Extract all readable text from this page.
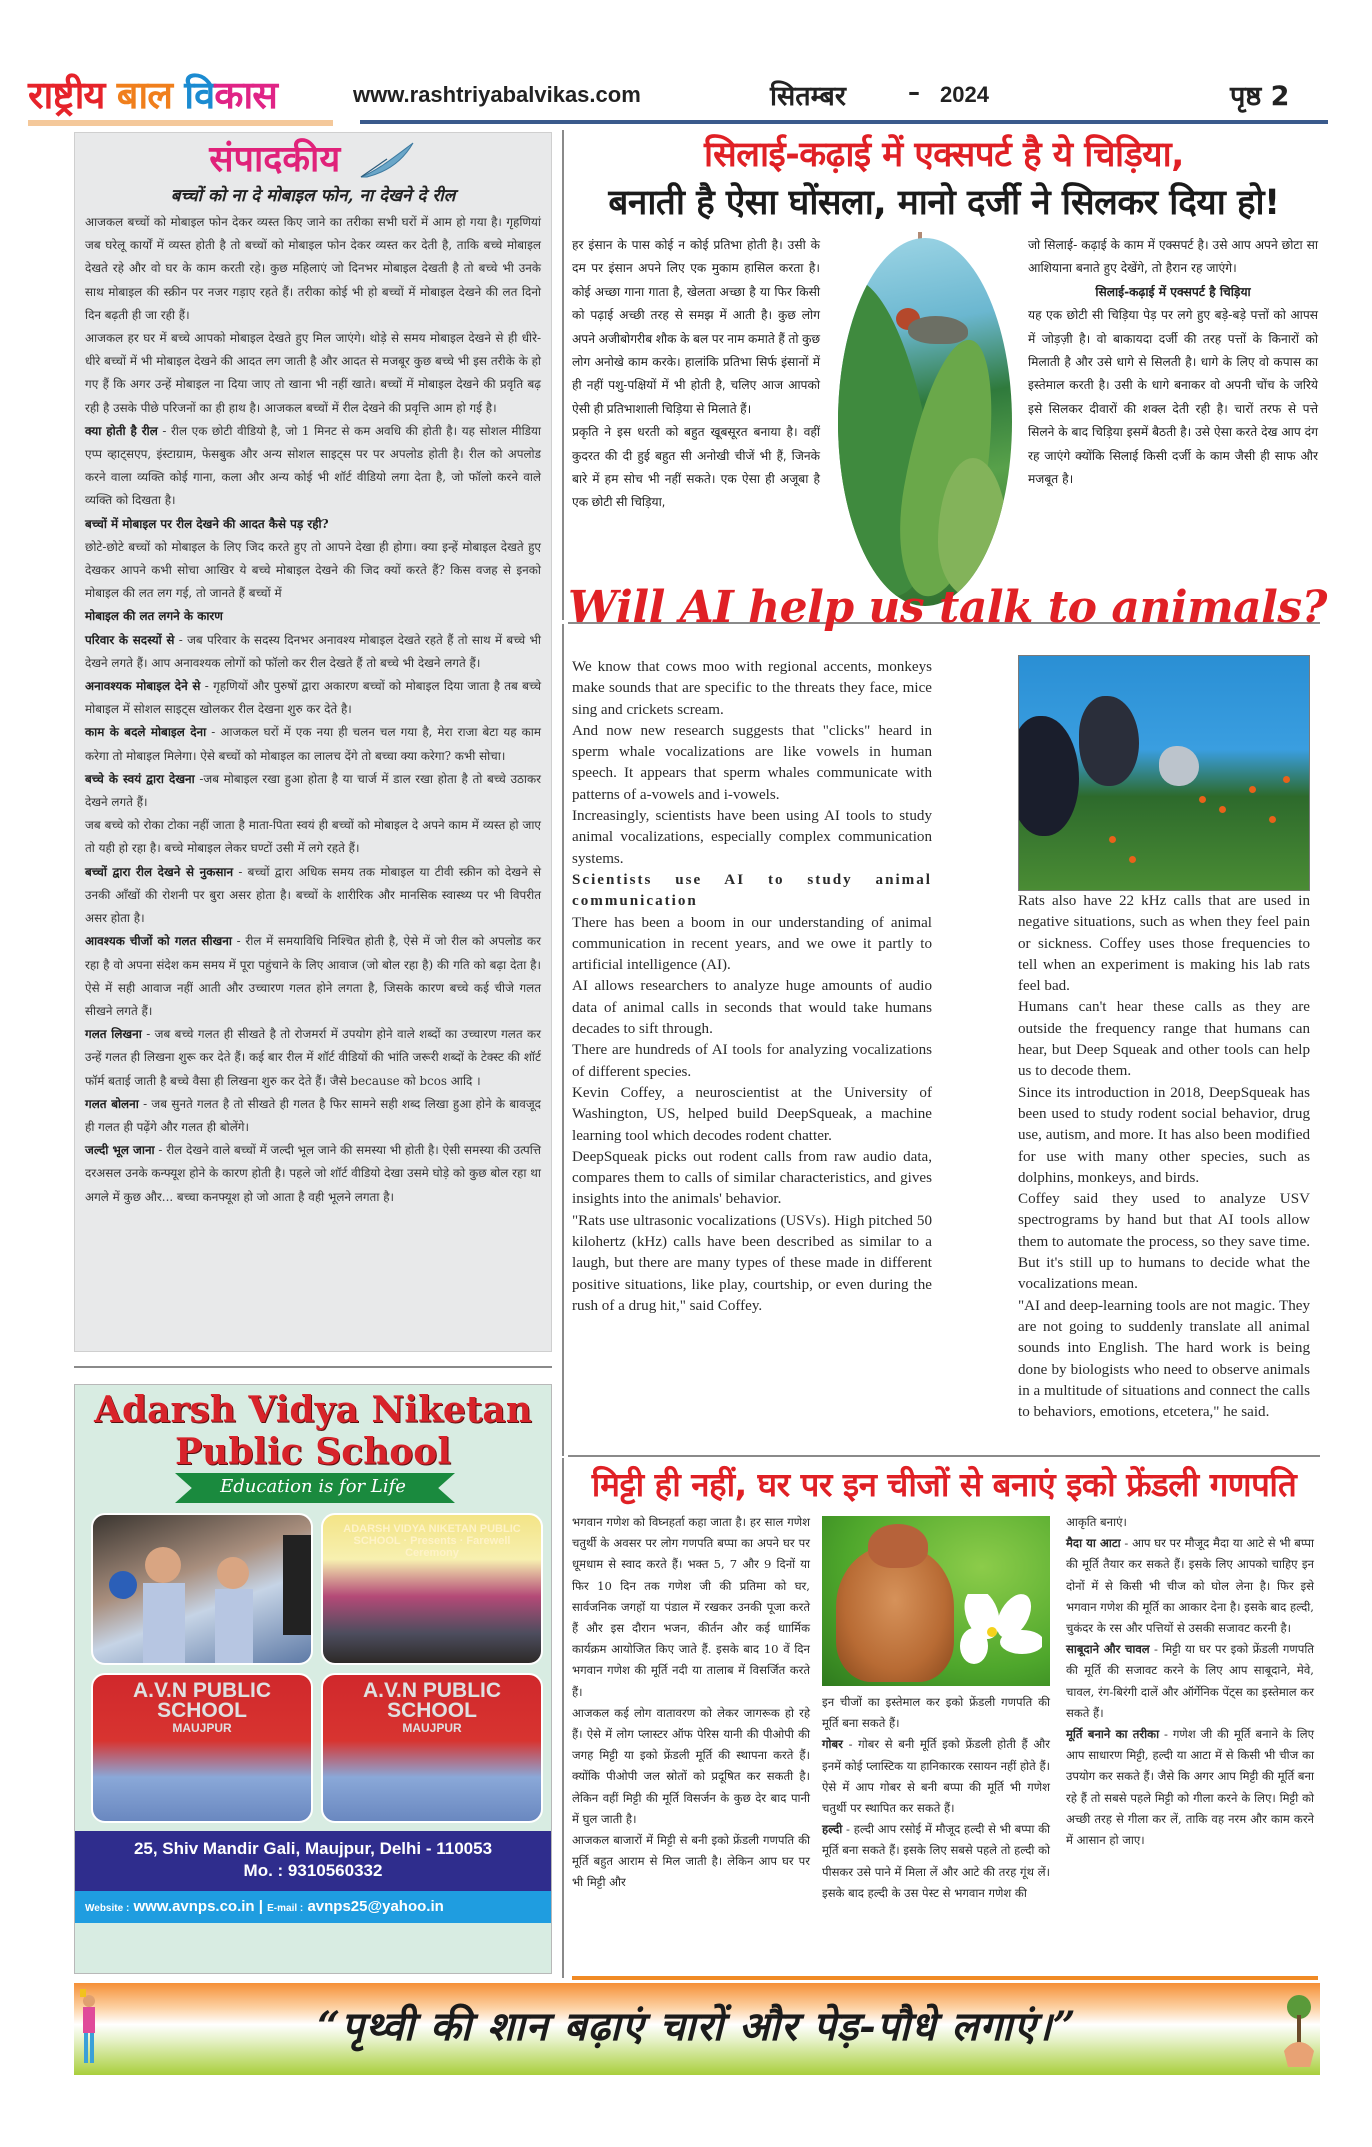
राष्ट्रीय बाल विकास	www.rashtriyabalvikas.com	सितम्बर	– 2024	पृष्ठ 2
संपादकीय
बच्चों को ना दे मोबाइल फोन, ना देखने दे रील

आजकल बच्चों को मोबाइल फोन देकर व्यस्त किए जाने का तरीका सभी घरों में आम हो गया है। गृहणियां जब घरेलू कार्यों में व्यस्त होती है तो बच्चों को मोबाइल फोन देकर व्यस्त कर देती है, ताकि बच्चे मोबाइल देखते रहे और वो घर के काम करती रहे। कुछ महिलाएं जो दिनभर मोबाइल देखती है तो बच्चे भी उनके साथ मोबाइल की स्क्रीन पर नजर गड़ाए रहते हैं। तरीका कोई भी हो बच्चों में मोबाइल देखने की लत दिनो दिन बढ़ती ही जा रही हैं।

आजकल हर घर में बच्चे आपको मोबाइल देखते हुए मिल जाएंगे। थोड़े से समय मोबाइल देखने से ही धीरे-धीरे बच्चों में भी मोबाइल देखने की आदत लग जाती है और आदत से मजबूर कुछ बच्चे भी इस तरीके के हो गए हैं कि अगर उन्हें मोबाइल ना दिया जाए तो खाना भी नहीं खाते। बच्चों में मोबाइल देखने की प्रवृति बढ़ रही है उसके पीछे परिजनों का ही हाथ है। आजकल बच्चों में रील देखने की प्रवृत्ति आम हो गई है।

क्या होती है रील - रील एक छोटी वीडियो है, जो 1 मिनट से कम अवधि की होती है। यह सोशल मीडिया एप्प व्हाट्सएप, इंस्टाग्राम, फेसबुक और अन्य सोशल साइट्स पर पर अपलोड होती है। रील को अपलोड करने वाला व्यक्ति कोई गाना, कला और अन्य कोई भी शॉर्ट वीडियो लगा देता है, जो फॉलो करने वाले व्यक्ति को दिखता है।

बच्चों में मोबाइल पर रील देखने की आदत कैसे पड़ रही?

छोटे-छोटे बच्चों को मोबाइल के लिए जिद करते हुए तो आपने देखा ही होगा। क्या इन्हें मोबाइल देखते हुए देखकर आपने कभी सोचा आखिर ये बच्चे मोबाइल देखने की जिद क्यों करते हैं? किस वजह से इनको मोबाइल की लत लग गई, तो जानते हैं बच्चों में

मोबाइल की लत लगने के कारण

परिवार के सदस्यों से - जब परिवार के सदस्य दिनभर अनावश्य मोबाइल देखते रहते हैं तो साथ में बच्चे भी देखने लगते हैं। आप अनावश्यक लोगों को फॉलो कर रील देखते हैं तो बच्चे भी देखने लगते हैं।

अनावश्यक मोबाइल देने से - गृहणियों और पुरुषों द्वारा अकारण बच्चों को मोबाइल दिया जाता है तब बच्चे मोबाइल में सोशल साइट्स खोलकर रील देखना शुरु कर देते है।

काम के बदले मोबाइल देना - आजकल घरों में एक नया ही चलन चल गया है, मेरा राजा बेटा यह काम करेगा तो मोबाइल मिलेगा। ऐसे बच्चों को मोबाइल का लालच देंगे तो बच्चा क्या करेगा? कभी सोचा।

बच्चे के स्वयं द्वारा देखना -जब मोबाइल रखा हुआ होता है या चार्ज में डाल रखा होता है तो बच्चे उठाकर देखने लगते हैं।

जब बच्चे को रोका टोका नहीं जाता है माता-पिता स्वयं ही बच्चों को मोबाइल दे अपने काम में व्यस्त हो जाए तो यही हो रहा है। बच्चे मोबाइल लेकर घण्टों उसी में लगे रहते हैं।

बच्चों द्वारा रील देखने से नुकसान - बच्चों द्वारा अधिक समय तक मोबाइल या टीवी स्क्रीन को देखने से उनकी आँखों की रोशनी पर बुरा असर होता है। बच्चों के शारीरिक और मानसिक स्वास्थ्य पर भी विपरीत असर होता है।

आवश्यक चीजों को गलत सीखना - रील में समयाविधि निश्चित होती है, ऐसे में जो रील को अपलोड कर रहा है वो अपना संदेश कम समय में पूरा पहुंचाने के लिए आवाज (जो बोल रहा है) की गति को बढ़ा देता है। ऐसे में सही आवाज नहीं आती और उच्चारण गलत होने लगता है, जिसके कारण बच्चे कई चीजे गलत सीखने लगते हैं।

गलत लिखना - जब बच्चे गलत ही सीखते है तो रोजमर्रा में उपयोग होने वाले शब्दों का उच्चारण गलत कर उन्हें गलत ही लिखना शुरू कर देते हैं। कई बार रील में शॉर्ट वीडियों की भांति जरूरी शब्दों के टेक्स्ट की शॉर्ट फॉर्म बताई जाती है बच्चे वैसा ही लिखना शुरु कर देते हैं। जैसे because को bcos आदि ।

गलत बोलना - जब सुनते गलत है तो सीखते ही गलत है फिर सामने सही शब्द लिखा हुआ होने के बावजूद ही गलत ही पढ़ेंगे और गलत ही बोलेंगे।

जल्दी भूल जाना - रील देखने वाले बच्चों में जल्दी भूल जाने की समस्या भी होती है। ऐसी समस्या की उत्पत्ति दरअसल उनके कन्फ्यूश होने के कारण होती है। पहले जो शॉर्ट वीडियो देखा उसमे घोड़े को कुछ बोल रहा था अगले में कुछ और... बच्चा कनफ्यूश हो जो आता है वही भूलने लगता है।

Adarsh Vidya Niketan
Public School
Education is for Life
ADARSH VIDYA NIKETAN PUBLIC SCHOOL · Presents · Farewell Ceremony
A.V.N PUBLIC SCHOOL
MAUJPUR
A.V.N PUBLIC SCHOOL
MAUJPUR
25, Shiv Mandir Gali, Maujpur, Delhi - 110053
Mo. : 9310560332
Website : www.avnps.co.in | E-mail : avnps25@yahoo.in
सिलाई-कढ़ाई में एक्सपर्ट है ये चिड़िया,
बनाती है ऐसा घोंसला, मानो दर्जी ने सिलकर दिया हो!

हर इंसान के पास कोई न कोई प्रतिभा होती है। उसी के दम पर इंसान अपने लिए एक मुकाम हासिल करता है। कोई अच्छा गाना गाता है, खेलता अच्छा है या फिर किसी को पढ़ाई अच्छी तरह से समझ में आती है। कुछ लोग अपने अजीबोगरीब शौक के बल पर नाम कमाते हैं तो कुछ लोग अनोखे काम करके। हालांकि प्रतिभा सिर्फ इंसानों में ही नहीं पशु-पक्षियों में भी होती है, चलिए आज आपको ऐसी ही प्रतिभाशाली चिड़िया से मिलाते हैं।

प्रकृति ने इस धरती को बहुत खूबसूरत बनाया है। वहीं कुदरत की दी हुई बहुत सी अनोखी चीजें भी हैं, जिनके बारे में हम सोच भी नहीं सकते। एक ऐसा ही अजूबा है एक छोटी सी चिड़िया,

जो सिलाई- कढ़ाई के काम में एक्सपर्ट है। उसे आप अपने छोटा सा आशियाना बनाते हुए देखेंगे, तो हैरान रह जाएंगे।

सिलाई-कढ़ाई में एक्सपर्ट है चिड़िया

यह एक छोटी सी चिड़िया पेड़ पर लगे हुए बड़े-बड़े पत्तों को आपस में जोड़ज़ी है। वो बाकायदा दर्जी की तरह पत्तों के किनारों को मिलाती है और उसे धागे से सिलती है। धागे के लिए वो कपास का इस्तेमाल करती है। उसी के धागे बनाकर वो अपनी चोंच के जरिये इसे सिलकर दीवारों की शक्ल देती रही है। चारों तरफ से पत्ते सिलने के बाद चिड़िया इसमें बैठती है। उसे ऐसा करते देख आप दंग रह जाएंगे क्योंकि सिलाई किसी दर्जी के काम जैसी ही साफ और मजबूत है।

Will AI help us talk to animals?

We know that cows moo with regional accents, monkeys make sounds that are specific to the threats they face, mice sing and crickets scream.

And now new research suggests that "clicks" heard in sperm whale vocalizations are like vowels in human speech. It appears that sperm whales communicate with patterns of a-vowels and i-vowels.

Increasingly, scientists have been using AI tools to study animal vocalizations, especially complex communication systems.

Scientists use AI to study animal communication

There has been a boom in our understanding of animal communication in recent years, and we owe it partly to artificial intelligence (AI).

AI allows researchers to analyze huge amounts of audio data of animal calls in seconds that would take humans decades to sift through.

There are hundreds of AI tools for analyzing vocalizations of different species.

Kevin Coffey, a neuroscientist at the University of Washington, US, helped build DeepSqueak, a machine learning tool which decodes rodent chatter.

DeepSqueak picks out rodent calls from raw audio data, compares them to calls of similar characteristics, and gives insights into the animals' behavior.

"Rats use ultrasonic vocalizations (USVs). High pitched 50 kilohertz (kHz) calls have been described as similar to a laugh, but there are many types of these made in different positive situations, like play, courtship, or even during the rush of a drug hit," said Coffey.

Rats also have 22 kHz calls that are used in negative situations, such as when they feel pain or sickness. Coffey uses those frequencies to tell when an experiment is making his lab rats feel bad.

Humans can't hear these calls as they are outside the frequency range that humans can hear, but Deep Squeak and other tools can help us to decode them.

Since its introduction in 2018, DeepSqueak has been used to study rodent social behavior, drug use, autism, and more. It has also been modified for use with many other species, such as dolphins, monkeys, and birds.

Coffey said they used to analyze USV spectrograms by hand but that AI tools allow them to automate the process, so they save time. But it's still up to humans to decide what the vocalizations mean.

"AI and deep-learning tools are not magic. They are not going to suddenly translate all animal sounds into English. The hard work is being done by biologists who need to observe animals in a multitude of situations and connect the calls to behaviors, emotions, etcetera," he said.

मिट्टी ही नहीं, घर पर इन चीजों से बनाएं इको फ्रेंडली गणपति

भगवान गणेश को विघ्नहर्ता कहा जाता है। हर साल गणेश चतुर्थी के अवसर पर लोग गणपति बप्पा का अपने घर पर धूमधाम से स्वाद करते हैं। भक्त 5, 7 और 9 दिनों या फिर 10 दिन तक गणेश जी की प्रतिमा को घर, सार्वजनिक जगहों या पंडाल में रखकर उनकी पूजा करते हैं और इस दौरान भजन, कीर्तन और कई धाार्मिक कार्यक्रम आयोजित किए जाते हैं. इसके बाद 10 वें दिन भगवान गणेश की मूर्ति नदी या तालाब में विसर्जित करते हैं।

आजकल कई लोग वातावरण को लेकर जागरूक हो रहे हैं। ऐसे में लोग प्लास्टर ऑफ पेरिस यानी की पीओपी की जगह मिट्टी या इको फ्रेंडली मूर्ति की स्थापना करते हैं। क्योंकि पीओपी जल स्रोतों को प्रदूषित कर सकती है। लेकिन वहीं मिट्टी की मूर्ति विसर्जन के कुछ देर बाद पानी में घुल जाती है।

आजकल बाजारों में मिट्टी से बनी इको फ्रेंडली गणपति की मूर्ति बहुत आराम से मिल जाती है। लेकिन आप घर पर भी मिट्टी और

इन चीजों का इस्तेमाल कर इको फ्रेंडली गणपति की मूर्ति बना सकते हैं।

गोबर - गोबर से बनी मूर्ति इको फ्रेंडली होती हैं और इनमें कोई प्लास्टिक या हानिकारक रसायन नहीं होते हैं। ऐसे में आप गोबर से बनी बप्पा की मूर्ति भी गणेश चतुर्थी पर स्थापित कर सकते हैं।

हल्दी - हल्दी आप रसोई में मौजूद हल्दी से भी बप्पा की मूर्ति बना सकते हैं। इसके लिए सबसे पहले तो हल्दी को पीसकर उसे पाने में मिला लें और आटे की तरह गूंथ लें। इसके बाद हल्दी के उस पेस्ट से भगवान गणेश की

आकृति बनाएं।

मैदा या आटा - आप घर पर मौजूद मैदा या आटे से भी बप्पा की मूर्ति तैयार कर सकते हैं। इसके लिए आपको चाहिए इन दोनों में से किसी भी चीज को घोल लेना है। फिर इसे भगवान गणेश की मूर्ति का आकार देना है। इसके बाद हल्दी, चुकंदर के रस और पत्तियों से उसकी सजावट करनी है।

साबूदाने और चावल - मिट्टी या घर पर इको फ्रेंडली गणपति की मूर्ति की सजावट करने के लिए आप साबूदाने, मेवे, चावल, रंग-बिरंगी दालें और ऑर्गेनिक पेंट्स का इस्तेमाल कर सकते हैं।

मूर्ति बनाने का तरीका - गणेश जी की मूर्ति बनाने के लिए आप साधारण मिट्टी, हल्दी या आटा में से किसी भी चीज का उपयोग कर सकते हैं। जैसे कि अगर आप मिट्टी की मूर्ति बना रहे हैं तो सबसे पहले मिट्टी को गीला करने के लिए। मिट्टी को अच्छी तरह से गीला कर लें, ताकि वह नरम और काम करने में आसान हो जाए।

“पृथ्वी की शान बढ़ाएं चारों और पेड़-पौधे लगाएं।”
